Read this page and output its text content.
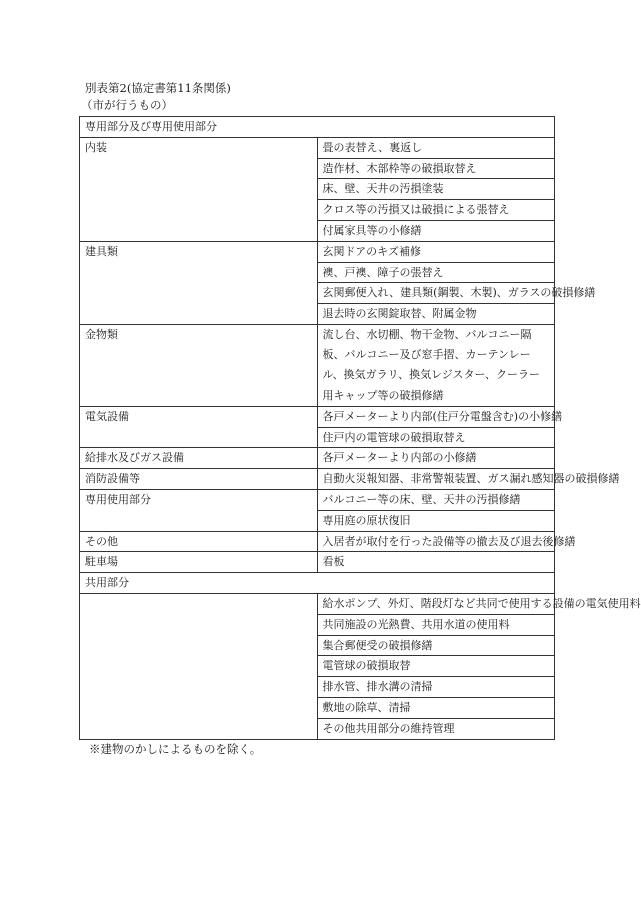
別表第2(協定書第11条関係)
（市が行うもの）
専用部分及び専用使用部分	
内装	畳の表替え、裏返し
	造作材、木部枠等の破損取替え
	床、壁、天井の汚損塗装
	クロス等の汚損又は破損による張替え
	付属家具等の小修繕
建具類	玄関ドアのキズ補修
	襖、戸襖、障子の張替え
	玄関郵便入れ、建具類(鋼製、木製)、ガラスの破損修繕
	退去時の玄関錠取替、附属金物
金物類	流し台、水切棚、物干金物、バルコニー隔板、バルコニー及び窓手摺、カーテンレール、換気ガラリ、換気レジスター、クーラー用キャップ等の破損修繕
電気設備	各戸メーターより内部(住戸分電盤含む)の小修繕
	住戸内の電管球の破損取替え
給排水及びガス設備	各戸メーターより内部の小修繕
消防設備等	自動火災報知器、非常警報装置、ガス漏れ感知器の破損修繕
専用使用部分	バルコニー等の床、壁、天井の汚損修繕
	専用庭の原状復旧
その他	入居者が取付を行った設備等の撤去及び退去後修繕
駐車場	看板
共用部分	
	給水ポンプ、外灯、階段灯など共同で使用する設備の電気使用料
	共同施設の光熱費、共用水道の使用料
	集合郵便受の破損修繕
	電管球の破損取替
	排水管、排水溝の清掃
	敷地の除草、清掃
	その他共用部分の維持管理
※建物のかしによるものを除く。
